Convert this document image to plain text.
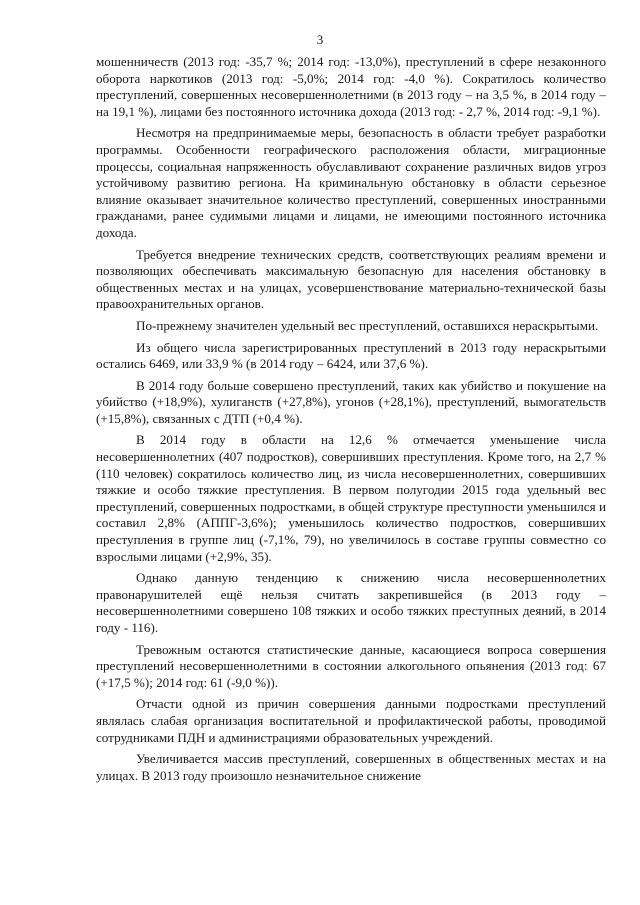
3

мошенничеств (2013 год: -35,7 %; 2014 год: -13,0%), преступлений в сфере незаконного оборота наркотиков (2013 год: -5,0%; 2014 год: -4,0 %). Сократилось количество преступлений, совершенных несовершеннолетними (в 2013 году – на 3,5 %, в 2014 году – на 19,1 %), лицами без постоянного источника дохода (2013 год: - 2,7 %, 2014 год: -9,1 %).

Несмотря на предпринимаемые меры, безопасность в области требует разработки программы. Особенности географического расположения области, миграционные процессы, социальная напряженность обуславливают сохранение различных видов угроз устойчивому развитию региона. На криминальную обстановку в области серьезное влияние оказывает значительное количество преступлений, совершенных иностранными гражданами, ранее судимыми лицами и лицами, не имеющими постоянного источника дохода.

Требуется внедрение технических средств, соответствующих реалиям времени и позволяющих обеспечивать максимальную безопасную для населения обстановку в общественных местах и на улицах, усовершенствование материально-технической базы правоохранительных органов.

По-прежнему значителен удельный вес преступлений, оставшихся нераскрытыми.

Из общего числа зарегистрированных преступлений в 2013 году нераскрытыми остались 6469, или 33,9 % (в 2014 году – 6424, или 37,6 %).

В 2014 году больше совершено преступлений, таких как убийство и покушение на убийство (+18,9%), хулиганств (+27,8%), угонов (+28,1%), преступлений, вымогательств (+15,8%), связанных с ДТП (+0,4 %).

В 2014 году в области на 12,6 % отмечается уменьшение числа несовершеннолетних (407 подростков), совершивших преступления. Кроме того, на 2,7 % (110 человек) сократилось количество лиц, из числа несовершеннолетних, совершивших тяжкие и особо тяжкие преступления. В первом полугодии 2015 года удельный вес преступлений, совершенных подростками, в общей структуре преступности уменьшился и составил 2,8% (АППГ-3,6%); уменьшилось количество подростков, совершивших преступления в группе лиц (-7,1%, 79), но увеличилось в составе группы совместно со взрослыми лицами (+2,9%, 35).

Однако данную тенденцию к снижению числа несовершеннолетних правонарушителей ещё нельзя считать закрепившейся (в 2013 году – несовершеннолетними совершено 108 тяжких и особо тяжких преступных деяний, в 2014 году - 116).

Тревожным остаются статистические данные, касающиеся вопроса совершения преступлений несовершеннолетними в состоянии алкогольного опьянения (2013 год: 67 (+17,5 %); 2014 год: 61 (-9,0 %)).

Отчасти одной из причин совершения данными подростками преступлений являлась слабая организация воспитательной и профилактической работы, проводимой сотрудниками ПДН и администрациями образовательных учреждений.

Увеличивается массив преступлений, совершенных в общественных местах и на улицах. В 2013 году произошло незначительное снижение
